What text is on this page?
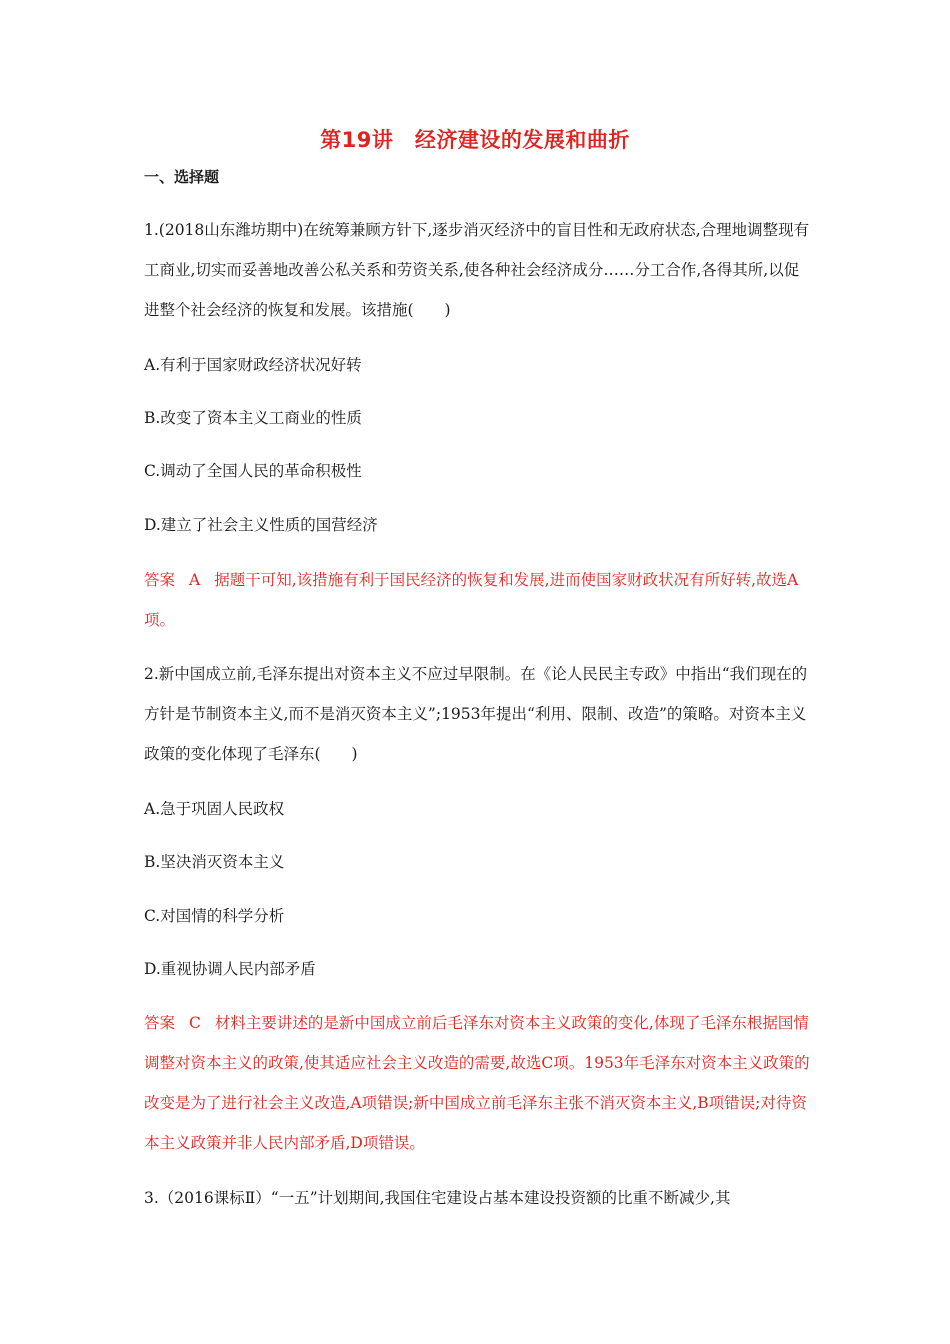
第19讲　经济建设的发展和曲折
一、选择题

1.(2018山东潍坊期中)在统筹兼顾方针下,逐步消灭经济中的盲目性和无政府状态,合理地调整现有工商业,切实而妥善地改善公私关系和劳资关系,使各种社会经济成分……分工合作,各得其所,以促进整个社会经济的恢复和发展。该措施(　　)

A.有利于国家财政经济状况好转

B.改变了资本主义工商业的性质

C.调动了全国人民的革命积极性

D.建立了社会主义性质的国营经济

答案 A 据题干可知,该措施有利于国民经济的恢复和发展,进而使国家财政状况有所好转,故选A项。

2.新中国成立前,毛泽东提出对资本主义不应过早限制。在《论人民民主专政》中指出“我们现在的方针是节制资本主义,而不是消灭资本主义”;1953年提出“利用、限制、改造”的策略。对资本主义政策的变化体现了毛泽东(　　)

A.急于巩固人民政权

B.坚决消灭资本主义

C.对国情的科学分析

D.重视协调人民内部矛盾

答案 C 材料主要讲述的是新中国成立前后毛泽东对资本主义政策的变化,体现了毛泽东根据国情调整对资本主义的政策,使其适应社会主义改造的需要,故选C项。1953年毛泽东对资本主义政策的改变是为了进行社会主义改造,A项错误;新中国成立前毛泽东主张不消灭资本主义,B项错误;对待资本主义政策并非人民内部矛盾,D项错误。

3.（2016课标Ⅱ）“一五”计划期间,我国住宅建设占基本建设投资额的比重不断减少,其
